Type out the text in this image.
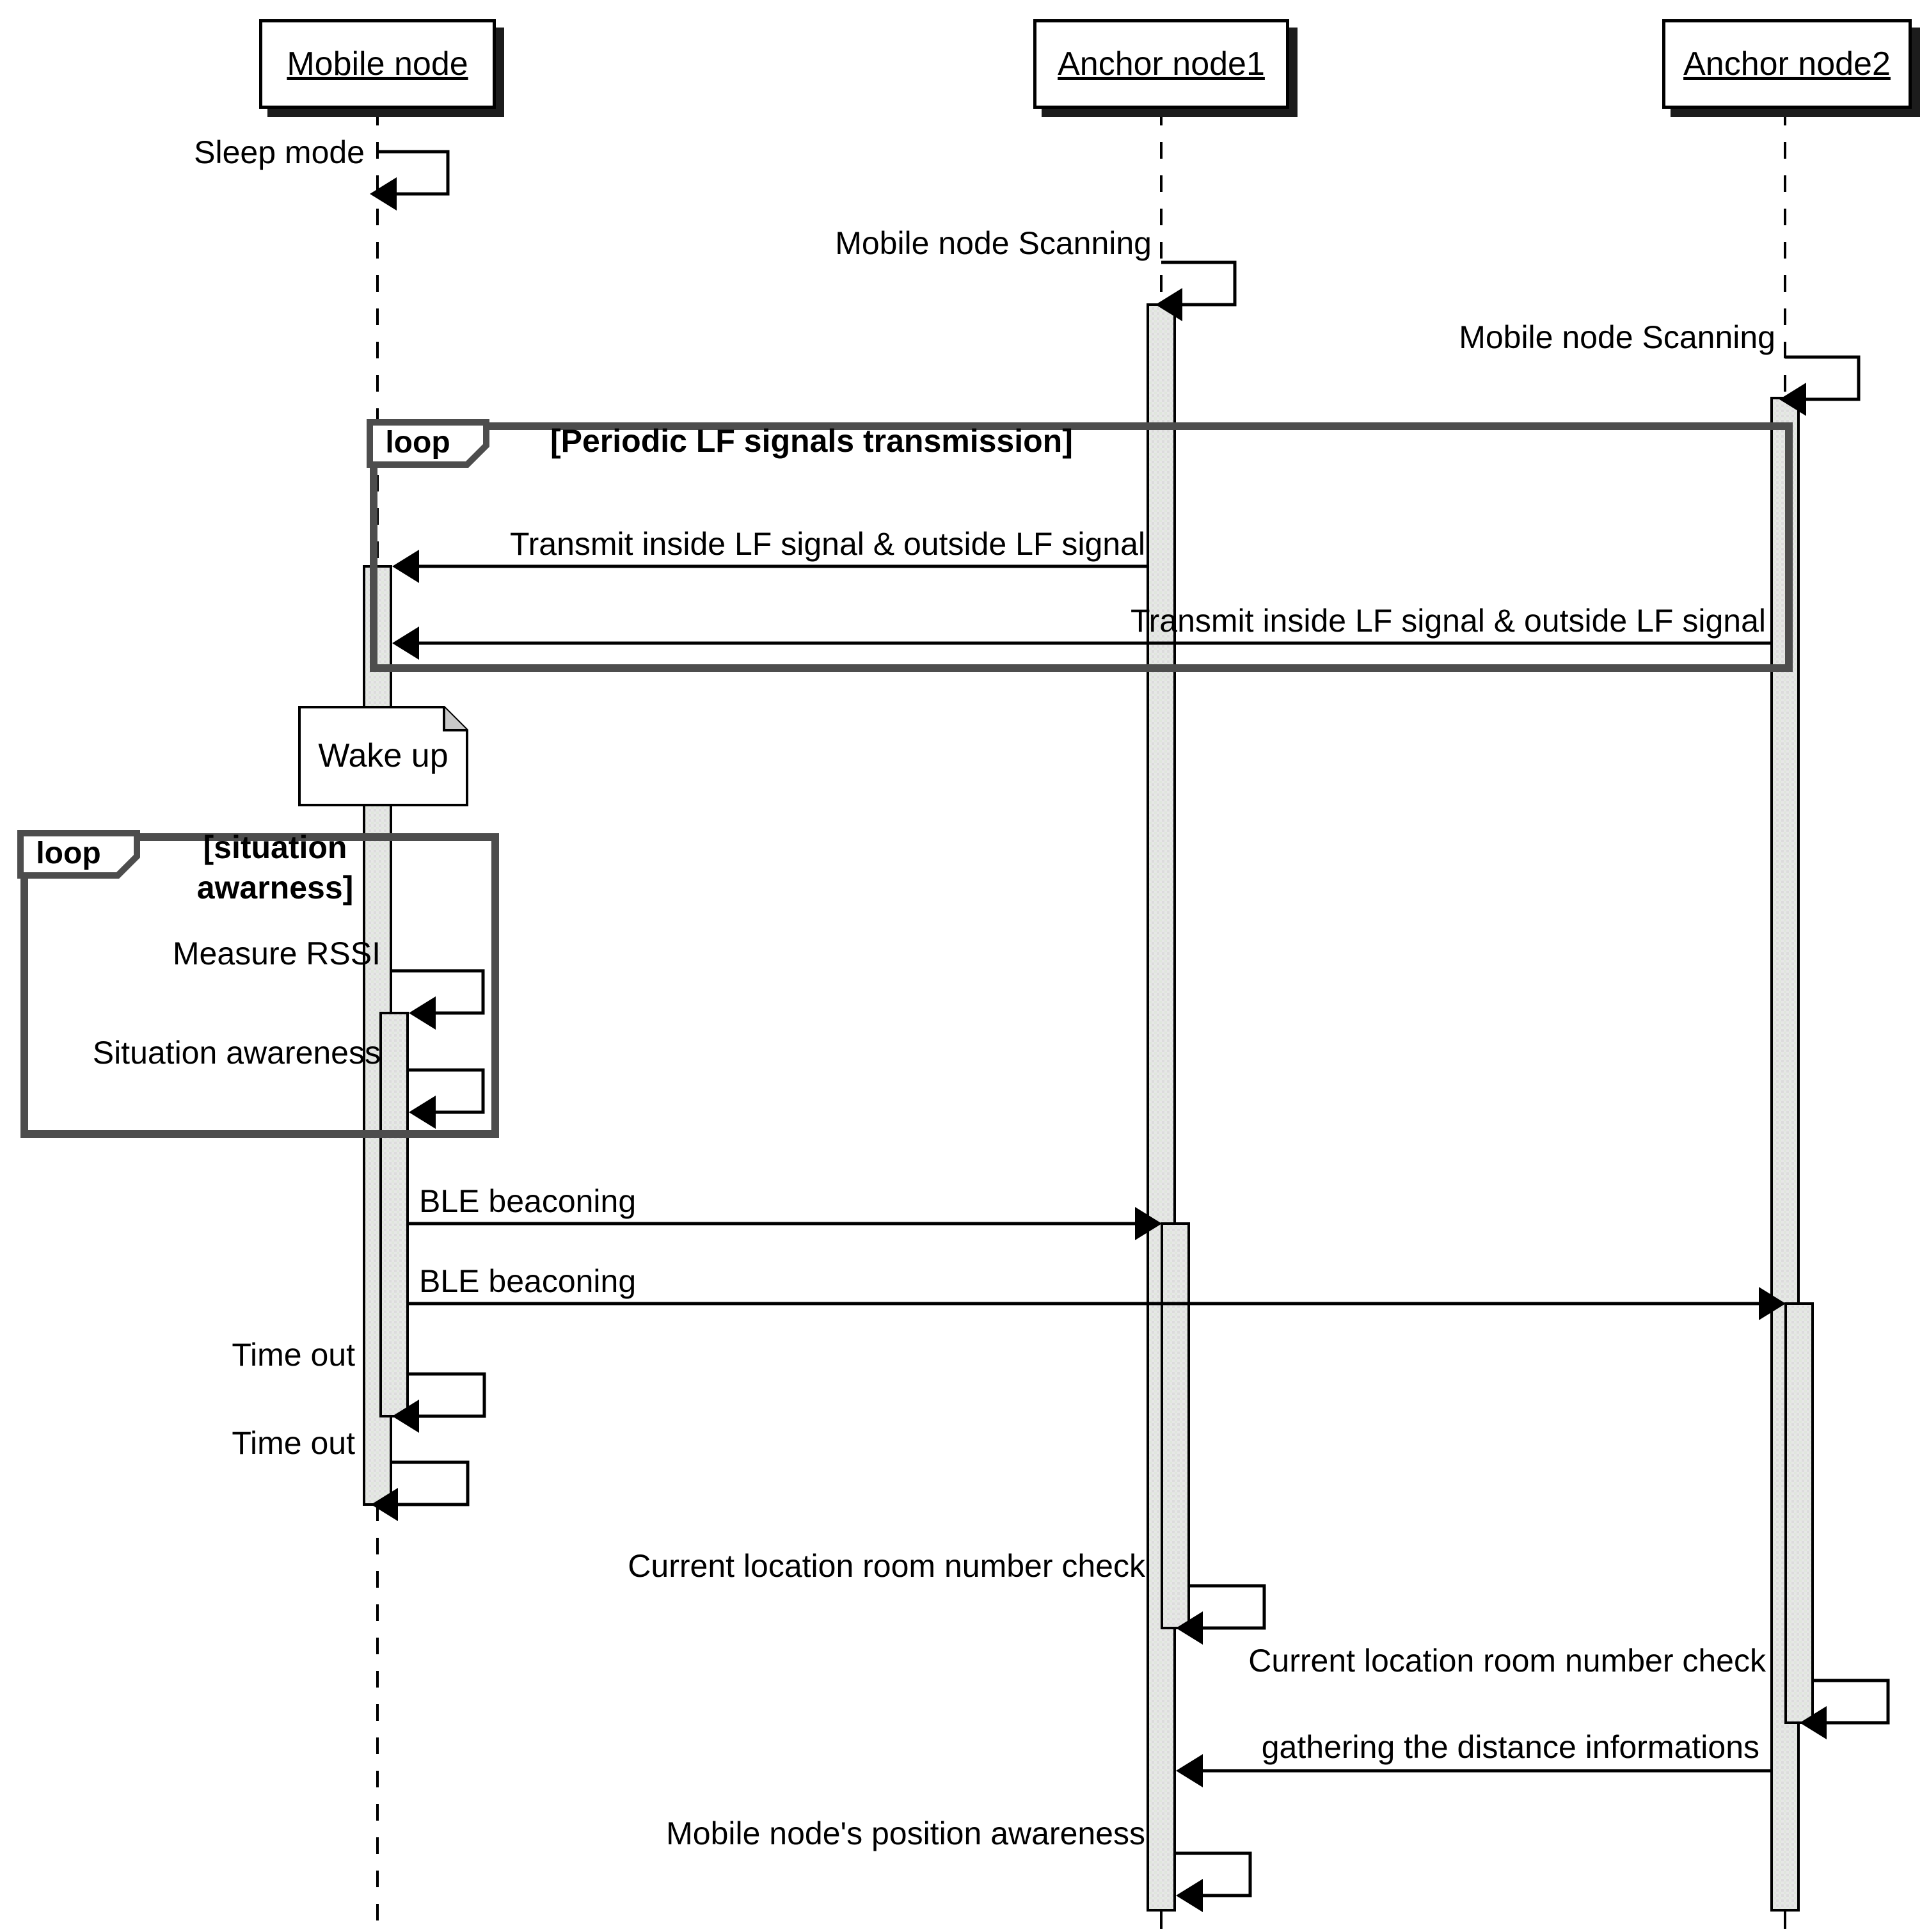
Mobile node	Anchor node1	Anchor node2
loop	[Periodic LF signals transmission]
loop	[situation
awarness]
Wake up
Sleep mode
Mobile node Scanning
Mobile node Scanning
Transmit inside LF signal & outside LF signal
Transmit inside LF signal & outside LF signal
Measure RSSI
Situation awareness
BLE beaconing
BLE beaconing
Time out
Time out
Current location room number check
Current location room number check
gathering the distance informations
Mobile node's position awareness
